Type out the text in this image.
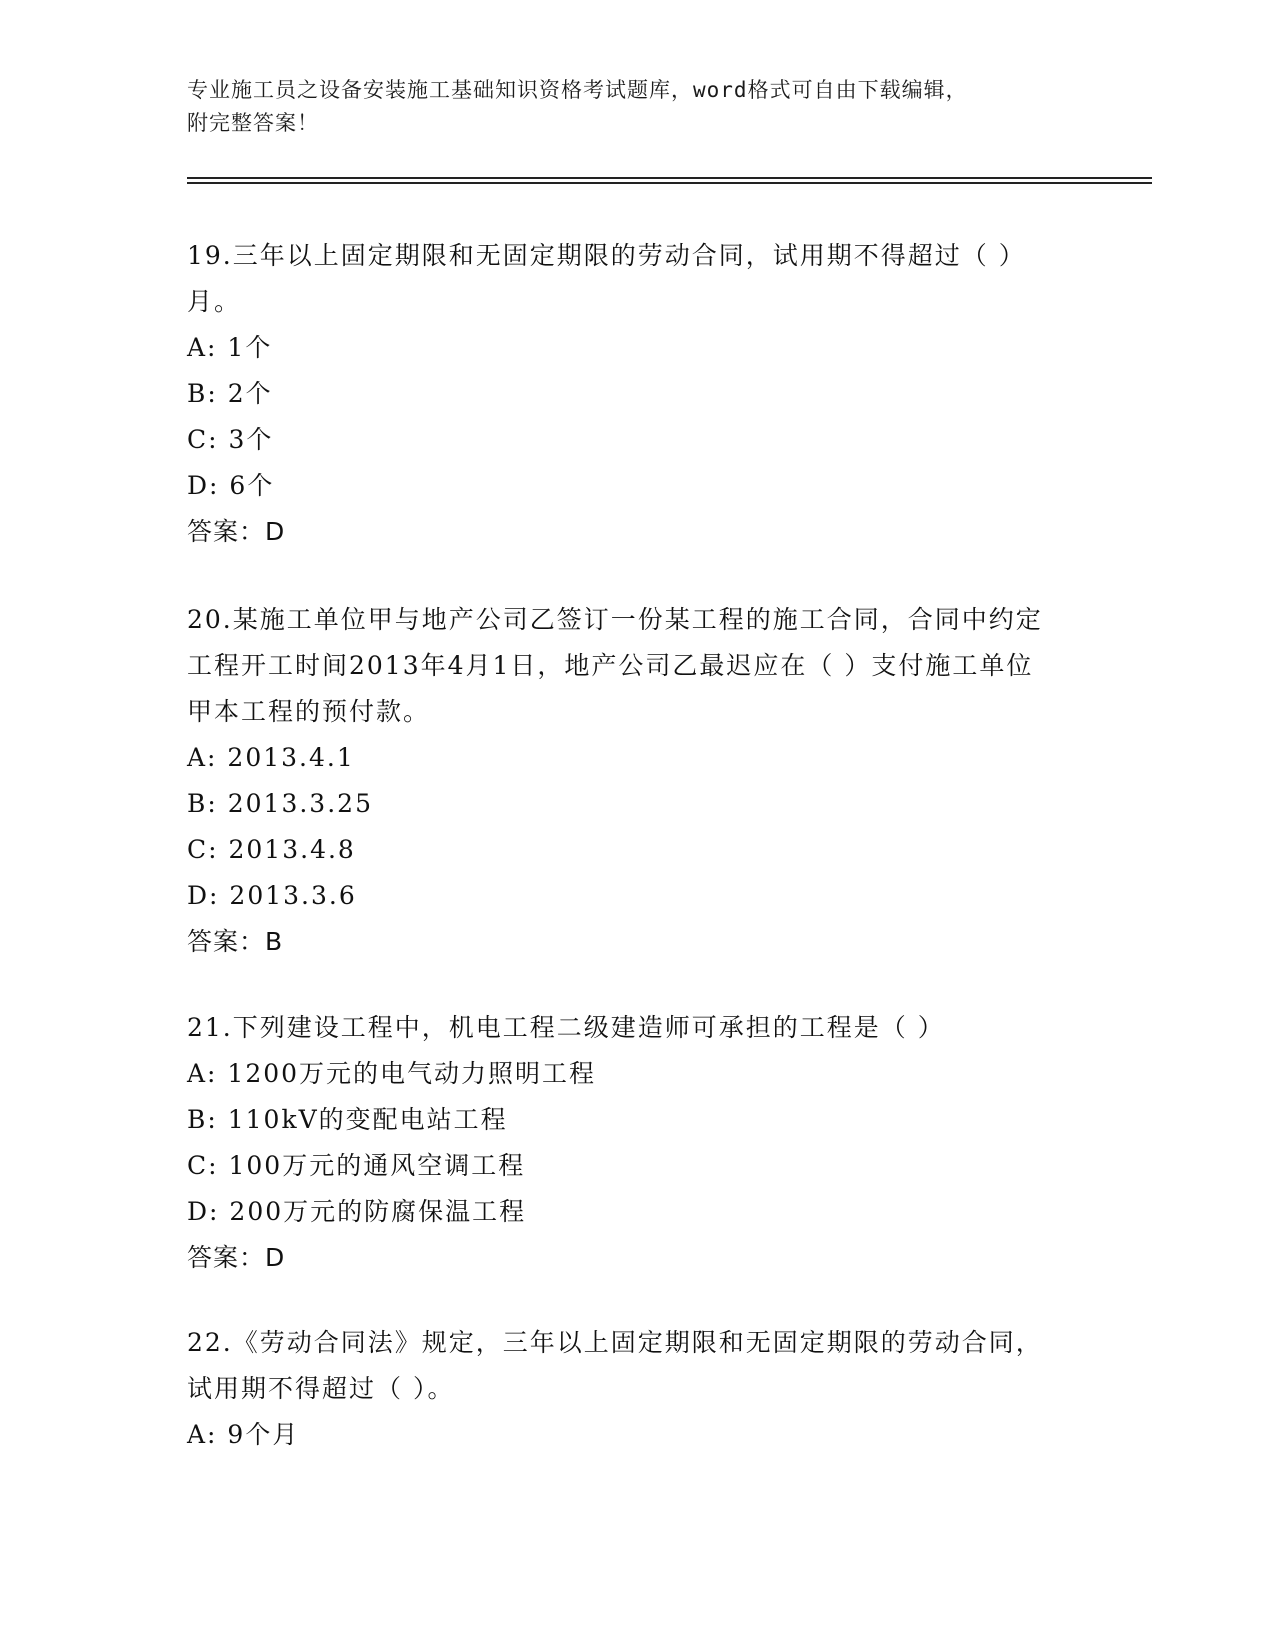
专业施工员之设备安装施工基础知识资格考试题库，word格式可自由下载编辑，
附完整答案！

19.三年以上固定期限和无固定期限的劳动合同，试用期不得超过（ ）月。

A: 1个

B: 2个

C: 3个

D: 6个

答案：D

20.某施工单位甲与地产公司乙签订一份某工程的施工合同，合同中约定工程开工时间2013年4月1日，地产公司乙最迟应在（ ）支付施工单位甲本工程的预付款。

A: 2013.4.1

B: 2013.3.25

C: 2013.4.8

D: 2013.3.6

答案：B

21.下列建设工程中，机电工程二级建造师可承担的工程是（ ）

A: 1200万元的电气动力照明工程

B: 110kV的变配电站工程

C: 100万元的通风空调工程

D: 200万元的防腐保温工程

答案：D

22.《劳动合同法》规定，三年以上固定期限和无固定期限的劳动合同，试用期不得超过（ ）。

A: 9个月
